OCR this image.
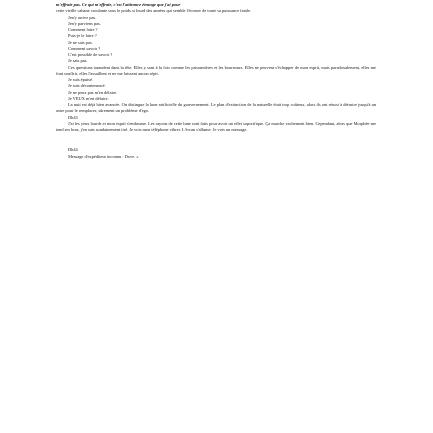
m'effraie pas. Ce qui m'effraie, c'est l'attirance étrange que j'ai pour

cette vieille cabane croulante sous le poids si lourd des années qui semble l'écraser de toute sa puissance fatale.

Jen'y arrive pas.

Jen'y parviens pas.

Comment faire ?

Puis-je le faire ?

Je ne sais pas.

Comment savoir ?

C'est possible de savoir ?

Je sais pas.

Ces questions taraudent dans la tête. Elles y sont à la fois comme les prisonnières et les bourreaux. Elles ne peuvent s'échapper de mon esprit, mais paradoxalement, elles me font souffrir, elles l'assaillent et ne me laissent aucun répit.

Je suis épuisé.

Je suis décontenancé.

Je ne peux pas m'en défaire.

Je VEUX m'en défaire.

La nuit est déjà bien avancée. On distingue la lune artificielle du gouvernement. Le plan d'extinction de la naturelle était trop coûteux, alors ils ont réussi à détruire jusqu'à un astre pour le remplacer, sûrement un problème d'ego.

Dh43

J'ai les yeux lourds et mon esprit s'embrume. Les rayons de cette lune sont faits pour avoir un effet soporifique. Ça marche vachement bien. Cependant, alors que Morphée me tend ses bras, j'en suis soudainement tiré. Je vois mon téléphone vibrer. L'écran s'allume. Je vois un message.

Dh44

Message d'expéditeur inconnu : Dove. »
